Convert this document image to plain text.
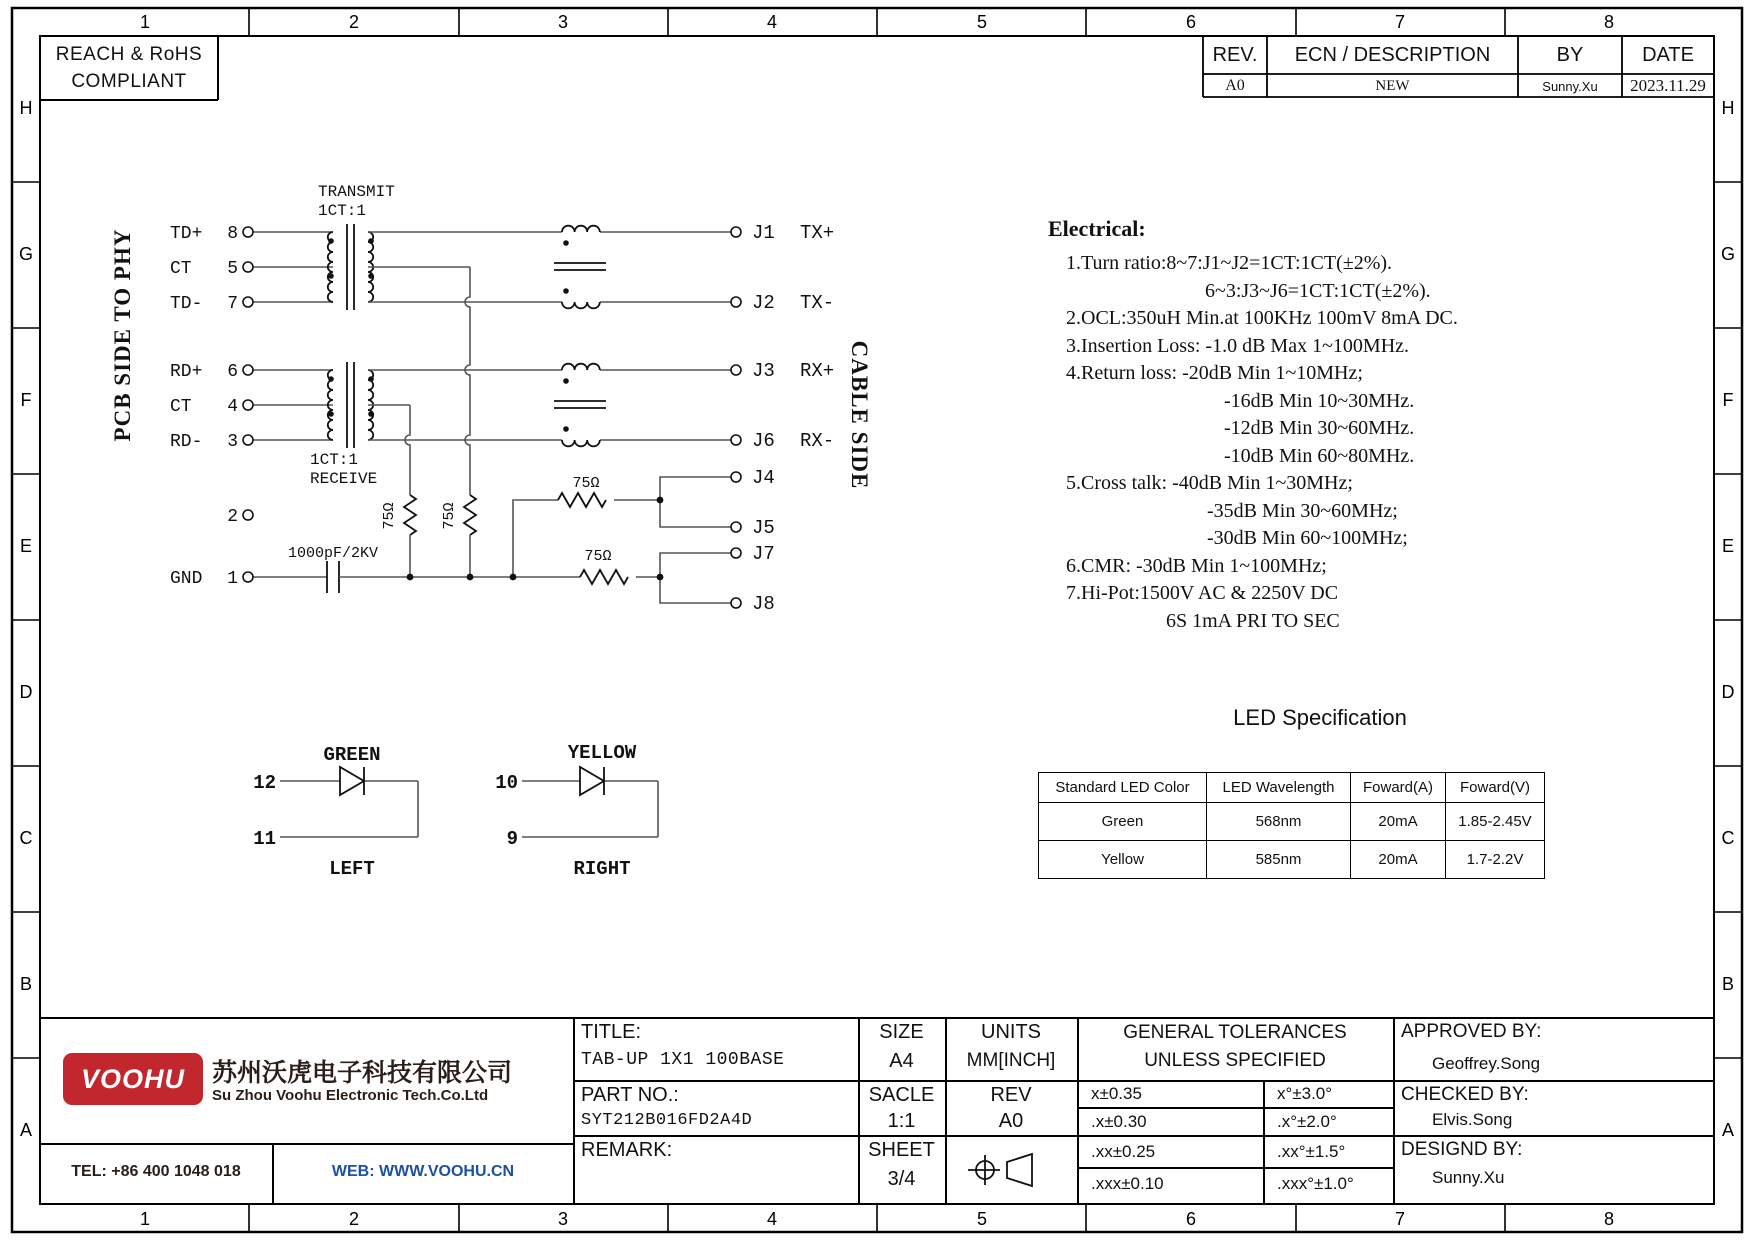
TD+ 8
CT 5
TD- 7
RD+ 6
CT 4
RD- 3
2
GND 1
TRANSMIT
1CT:1
1CT:1
RECEIVE
J1 TX+
J2 TX-
J3 RX+
J6 RX-
J4
J5
J7
J8
75Ω	75Ω
75Ω
75Ω
1000pF/2KV
PCB SIDE TO PHY	CABLE SIDE
GREEN
12
11
LEFT
YELLOW
10
9
RIGHT
1	2	3	4	5	6	7	8
1	2	3	4	5	6	7	8
H
G
F
E
D
C
B
A
H
G
F
E
D
C
B
A
REACH & RoHS
COMPLIANT
REV.	ECN / DESCRIPTION	BY	DATE
A0	NEW	Sunny.Xu	2023.11.29
Electrical:
1.Turn ratio:8~7:J1~J2=1CT:1CT(±2%).
6~3:J3~J6=1CT:1CT(±2%).
2.OCL:350uH Min.at 100KHz 100mV 8mA DC.
3.Insertion Loss: -1.0 dB Max 1~100MHz.
4.Return loss: -20dB Min 1~10MHz;
-16dB Min 10~30MHz.
-12dB Min 30~60MHz.
-10dB Min 60~80MHz.
5.Cross talk: -40dB Min 1~30MHz;
-35dB Min 30~60MHz;
-30dB Min 60~100MHz;
6.CMR: -30dB Min 1~100MHz;
7.Hi-Pot:1500V AC & 2250V DC
6S 1mA PRI TO SEC
LED Specification
Standard LED Color	LED Wavelength	Foward(A)	Foward(V)
Green	568nm	20mA	1.85-2.45V
Yellow	585nm	20mA	1.7-2.2V
TITLE:
TAB-UP 1X1 100BASE
PART NO.:
SYT212B016FD2A4D
REMARK:
SIZE
A4
SACLE
1:1
SHEET
3/4
UNITS
MM[INCH]
REV
A0
GENERAL TOLERANCES
UNLESS SPECIFIED
x±0.35	x°±3.0°
.x±0.30	.x°±2.0°
.xx±0.25	.xx°±1.5°
.xxx±0.10	.xxx°±1.0°
APPROVED BY:
Geoffrey.Song
CHECKED BY:
Elvis.Song
DESIGND BY:
Sunny.Xu
VOOHU 苏州沃虎电子科技有限公司
Su Zhou Voohu Electronic Tech.Co.Ltd
TEL: +86 400 1048 018	WEB: WWW.VOOHU.CN
